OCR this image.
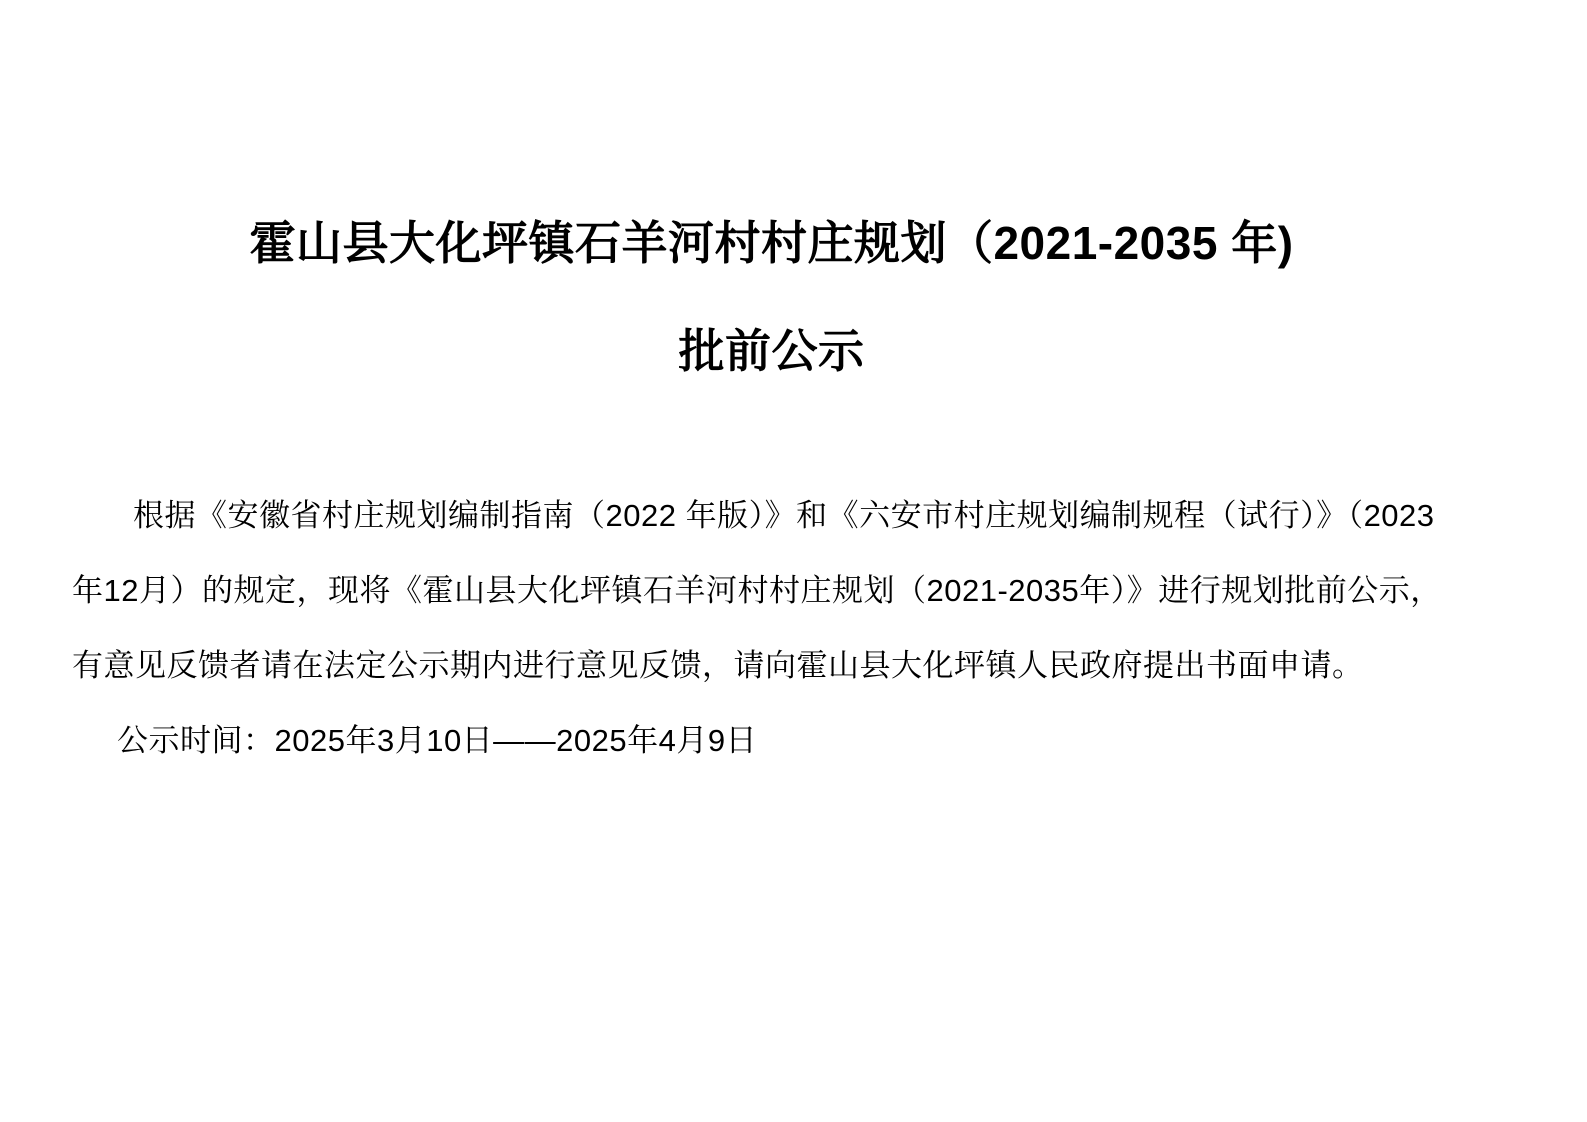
霍山县大化坪镇石羊河村村庄规划（2021-2035 年)
批前公示
根据《安徽省村庄规划编制指南（2022 年版）》和《六安市村庄规划编制规程（试行）》（2023
年12月）的规定，现将《霍山县大化坪镇石羊河村村庄规划（2021-2035年）》进行规划批前公示，
有意见反馈者请在法定公示期内进行意见反馈，请向霍山县大化坪镇人民政府提出书面申请。
公示时间：2025年3月10日——2025年4月9日
